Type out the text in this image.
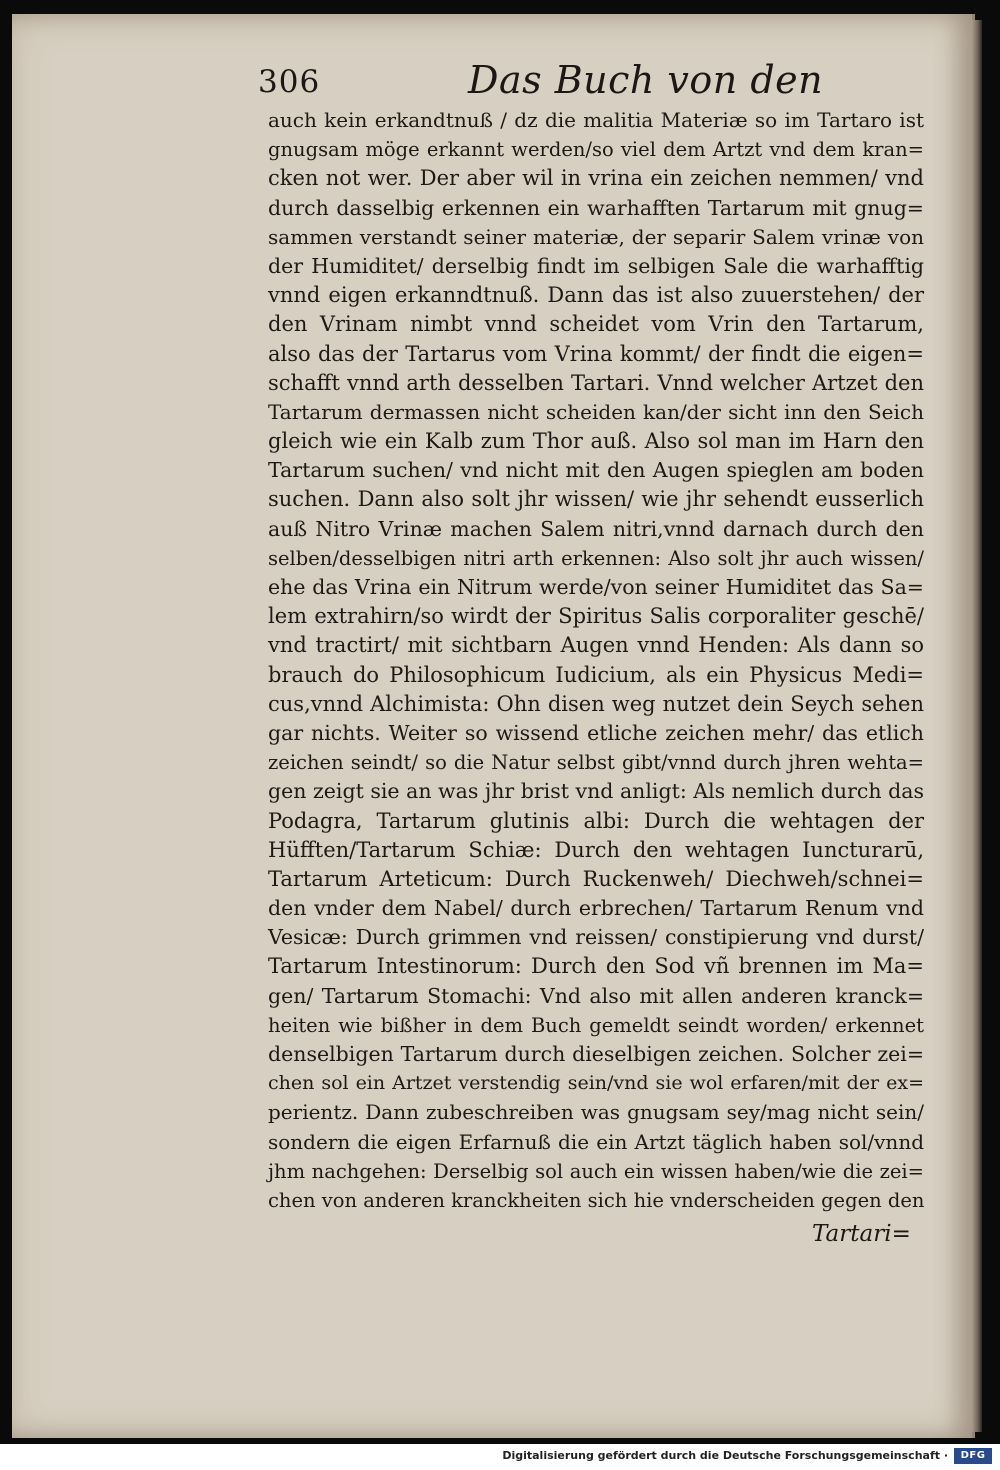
306	Das Buch von den
auch kein erkandtnuß / dz die malitia Materiæ so im Tartaro ist
gnugsam möge erkannt werden/so viel dem Artzt vnd dem kran=
cken not wer. Der aber wil in vrina ein zeichen nemmen/ vnd
durch dasselbig erkennen ein warhafften Tartarum mit gnug=
sammen verstandt seiner materiæ, der separir Salem vrinæ von
der Humiditet/ derselbig findt im selbigen Sale die warhafftig
vnnd eigen erkanndtnuß. Dann das ist also zuuerstehen/ der
den Vrinam nimbt vnnd scheidet vom Vrin den Tartarum,
also das der Tartarus vom Vrina kommt/ der findt die eigen=
schafft vnnd arth desselben Tartari. Vnnd welcher Artzet den
Tartarum dermassen nicht scheiden kan/der sicht inn den Seich
gleich wie ein Kalb zum Thor auß. Also sol man im Harn den
Tartarum suchen/ vnd nicht mit den Augen spieglen am boden
suchen. Dann also solt jhr wissen/ wie jhr sehendt eusserlich
auß Nitro Vrinæ machen Salem nitri,vnnd darnach durch den
selben/desselbigen nitri arth erkennen: Also solt jhr auch wissen/
ehe das Vrina ein Nitrum werde/von seiner Humiditet das Sa=
lem extrahirn/so wirdt der Spiritus Salis corporaliter geschē/
vnd tractirt/ mit sichtbarn Augen vnnd Henden: Als dann so
brauch do Philosophicum Iudicium, als ein Physicus Medi=
cus,vnnd Alchimista: Ohn disen weg nutzet dein Seych sehen
gar nichts. Weiter so wissend etliche zeichen mehr/ das etlich
zeichen seindt/ so die Natur selbst gibt/vnnd durch jhren wehta=
gen zeigt sie an was jhr brist vnd anligt: Als nemlich durch das
Podagra, Tartarum glutinis albi: Durch die wehtagen der
Hüfften/Tartarum Schiæ: Durch den wehtagen Iuncturarū,
Tartarum Arteticum: Durch Ruckenweh/ Diechweh/schnei=
den vnder dem Nabel/ durch erbrechen/ Tartarum Renum vnd
Vesicæ: Durch grimmen vnd reissen/ constipierung vnd durst/
Tartarum Intestinorum: Durch den Sod vñ brennen im Ma=
gen/ Tartarum Stomachi: Vnd also mit allen anderen kranck=
heiten wie bißher in dem Buch gemeldt seindt worden/ erkennet
denselbigen Tartarum durch dieselbigen zeichen. Solcher zei=
chen sol ein Artzet verstendig sein/vnd sie wol erfaren/mit der ex=
perientz. Dann zubeschreiben was gnugsam sey/mag nicht sein/
sondern die eigen Erfarnuß die ein Artzt täglich haben sol/vnnd
jhm nachgehen: Derselbig sol auch ein wissen haben/wie die zei=
chen von anderen kranckheiten sich hie vnderscheiden gegen den
Tartari=
Digitalisierung gefördert durch die Deutsche Forschungsgemeinschaft ·	DFG
